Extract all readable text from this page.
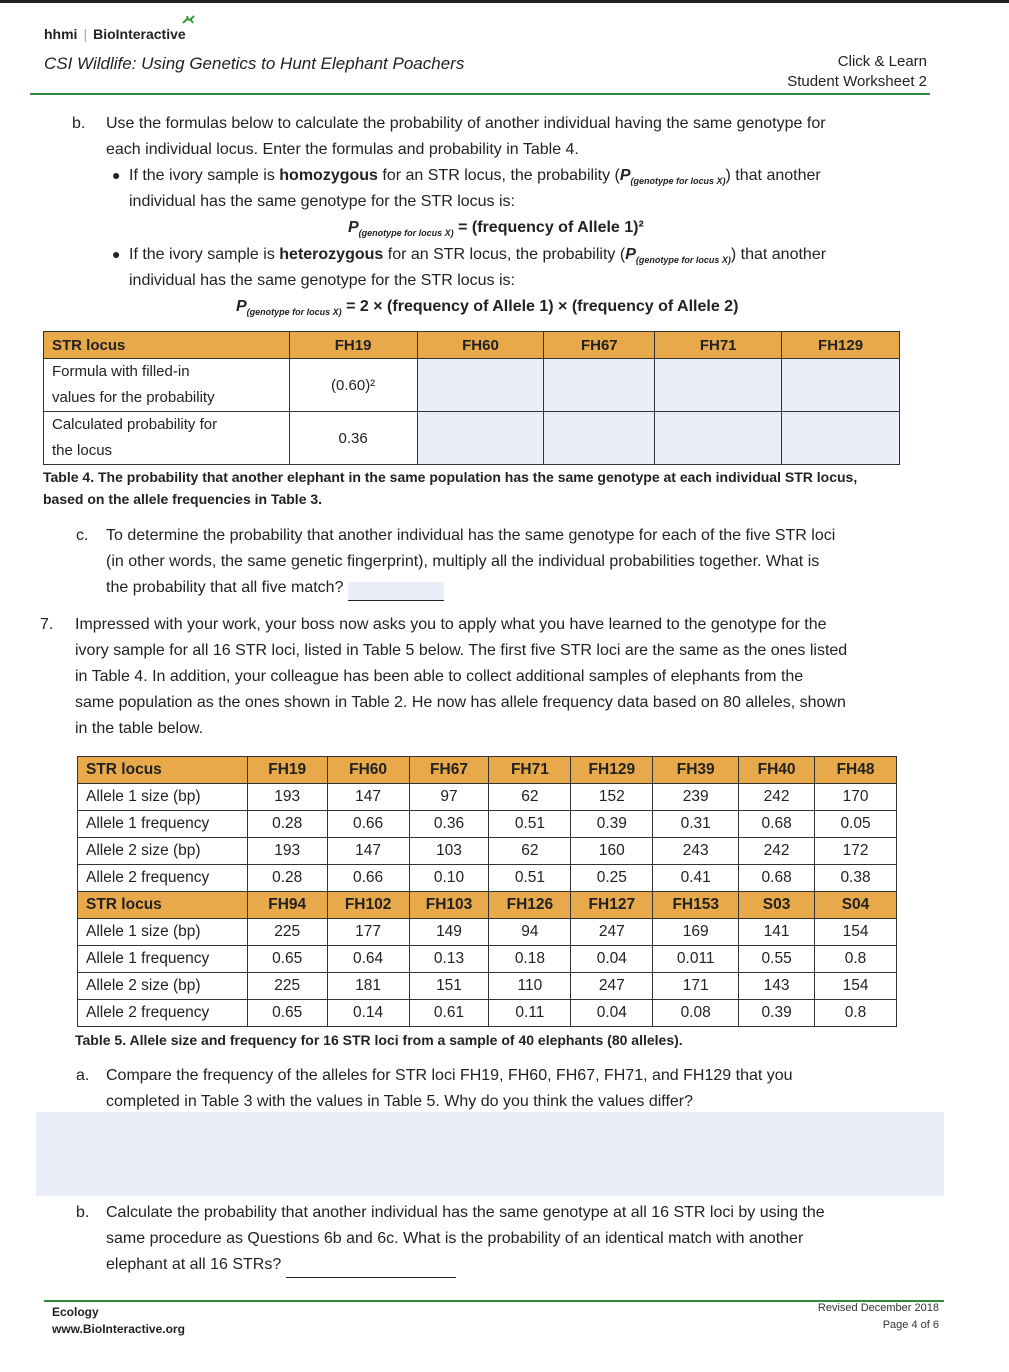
hhmi | BioInteractive
CSI Wildlife: Using Genetics to Hunt Elephant Poachers	Click & Learn
Student Worksheet 2
b. Use the formulas below to calculate the probability of another individual having the same genotype for
each individual locus. Enter the formulas and probability in Table 4.
● If the ivory sample is homozygous for an STR locus, the probability $(P_{(genotype for locus X)})$ that another
individual has the same genotype for the STR locus is:
$P_{(genotype for locus X)}$ = (frequency of Allele 1)²
● If the ivory sample is heterozygous for an STR locus, the probability $(P_{(genotype for locus X)})$ that another
individual has the same genotype for the STR locus is:
$P_{(genotype for locus X)} = 2$ × (frequency of Allele 1) × (frequency of Allele 2)
STR locus	FH19	FH60	FH67	FH71	FH129
Formula with filled-in
values for the probability	(0.60)²				
Calculated probability for
the locus	0.36				
Table 4. The probability that another elephant in the same population has the same genotype at each individual STR locus,
based on the allele frequencies in Table 3.
c. To determine the probability that another individual has the same genotype for each of the five STR loci
(in other words, the same genetic fingerprint), multiply all the individual probabilities together. What is
the probability that all five match?
7. Impressed with your work, your boss now asks you to apply what you have learned to the genotype for the
ivory sample for all 16 STR loci, listed in Table 5 below. The first five STR loci are the same as the ones listed
in Table 4. In addition, your colleague has been able to collect additional samples of elephants from the
same population as the ones shown in Table 2. He now has allele frequency data based on 80 alleles, shown
in the table below.
STR locus	FH19	FH60	FH67	FH71	FH129	FH39	FH40	FH48
Allele 1 size (bp)	193	147	97	62	152	239	242	170
Allele 1 frequency	0.28	0.66	0.36	0.51	0.39	0.31	0.68	0.05
Allele 2 size (bp)	193	147	103	62	160	243	242	172
Allele 2 frequency	0.28	0.66	0.10	0.51	0.25	0.41	0.68	0.38
STR locus	FH94	FH102	FH103	FH126	FH127	FH153	S03	S04
Allele 1 size (bp)	225	177	149	94	247	169	141	154
Allele 1 frequency	0.65	0.64	0.13	0.18	0.04	0.011	0.55	0.8
Allele 2 size (bp)	225	181	151	110	247	171	143	154
Allele 2 frequency	0.65	0.14	0.61	0.11	0.04	0.08	0.39	0.8
Table 5. Allele size and frequency for 16 STR loci from a sample of 40 elephants (80 alleles).
a. Compare the frequency of the alleles for STR loci FH19, FH60, FH67, FH71, and FH129 that you
completed in Table 3 with the values in Table 5. Why do you think the values differ?
b. Calculate the probability that another individual has the same genotype at all 16 STR loci by using the
same procedure as Questions 6b and 6c. What is the probability of an identical match with another
elephant at all 16 STRs?
Ecology
www.BioInteractive.org
Revised December 2018
Page 4 of 6
